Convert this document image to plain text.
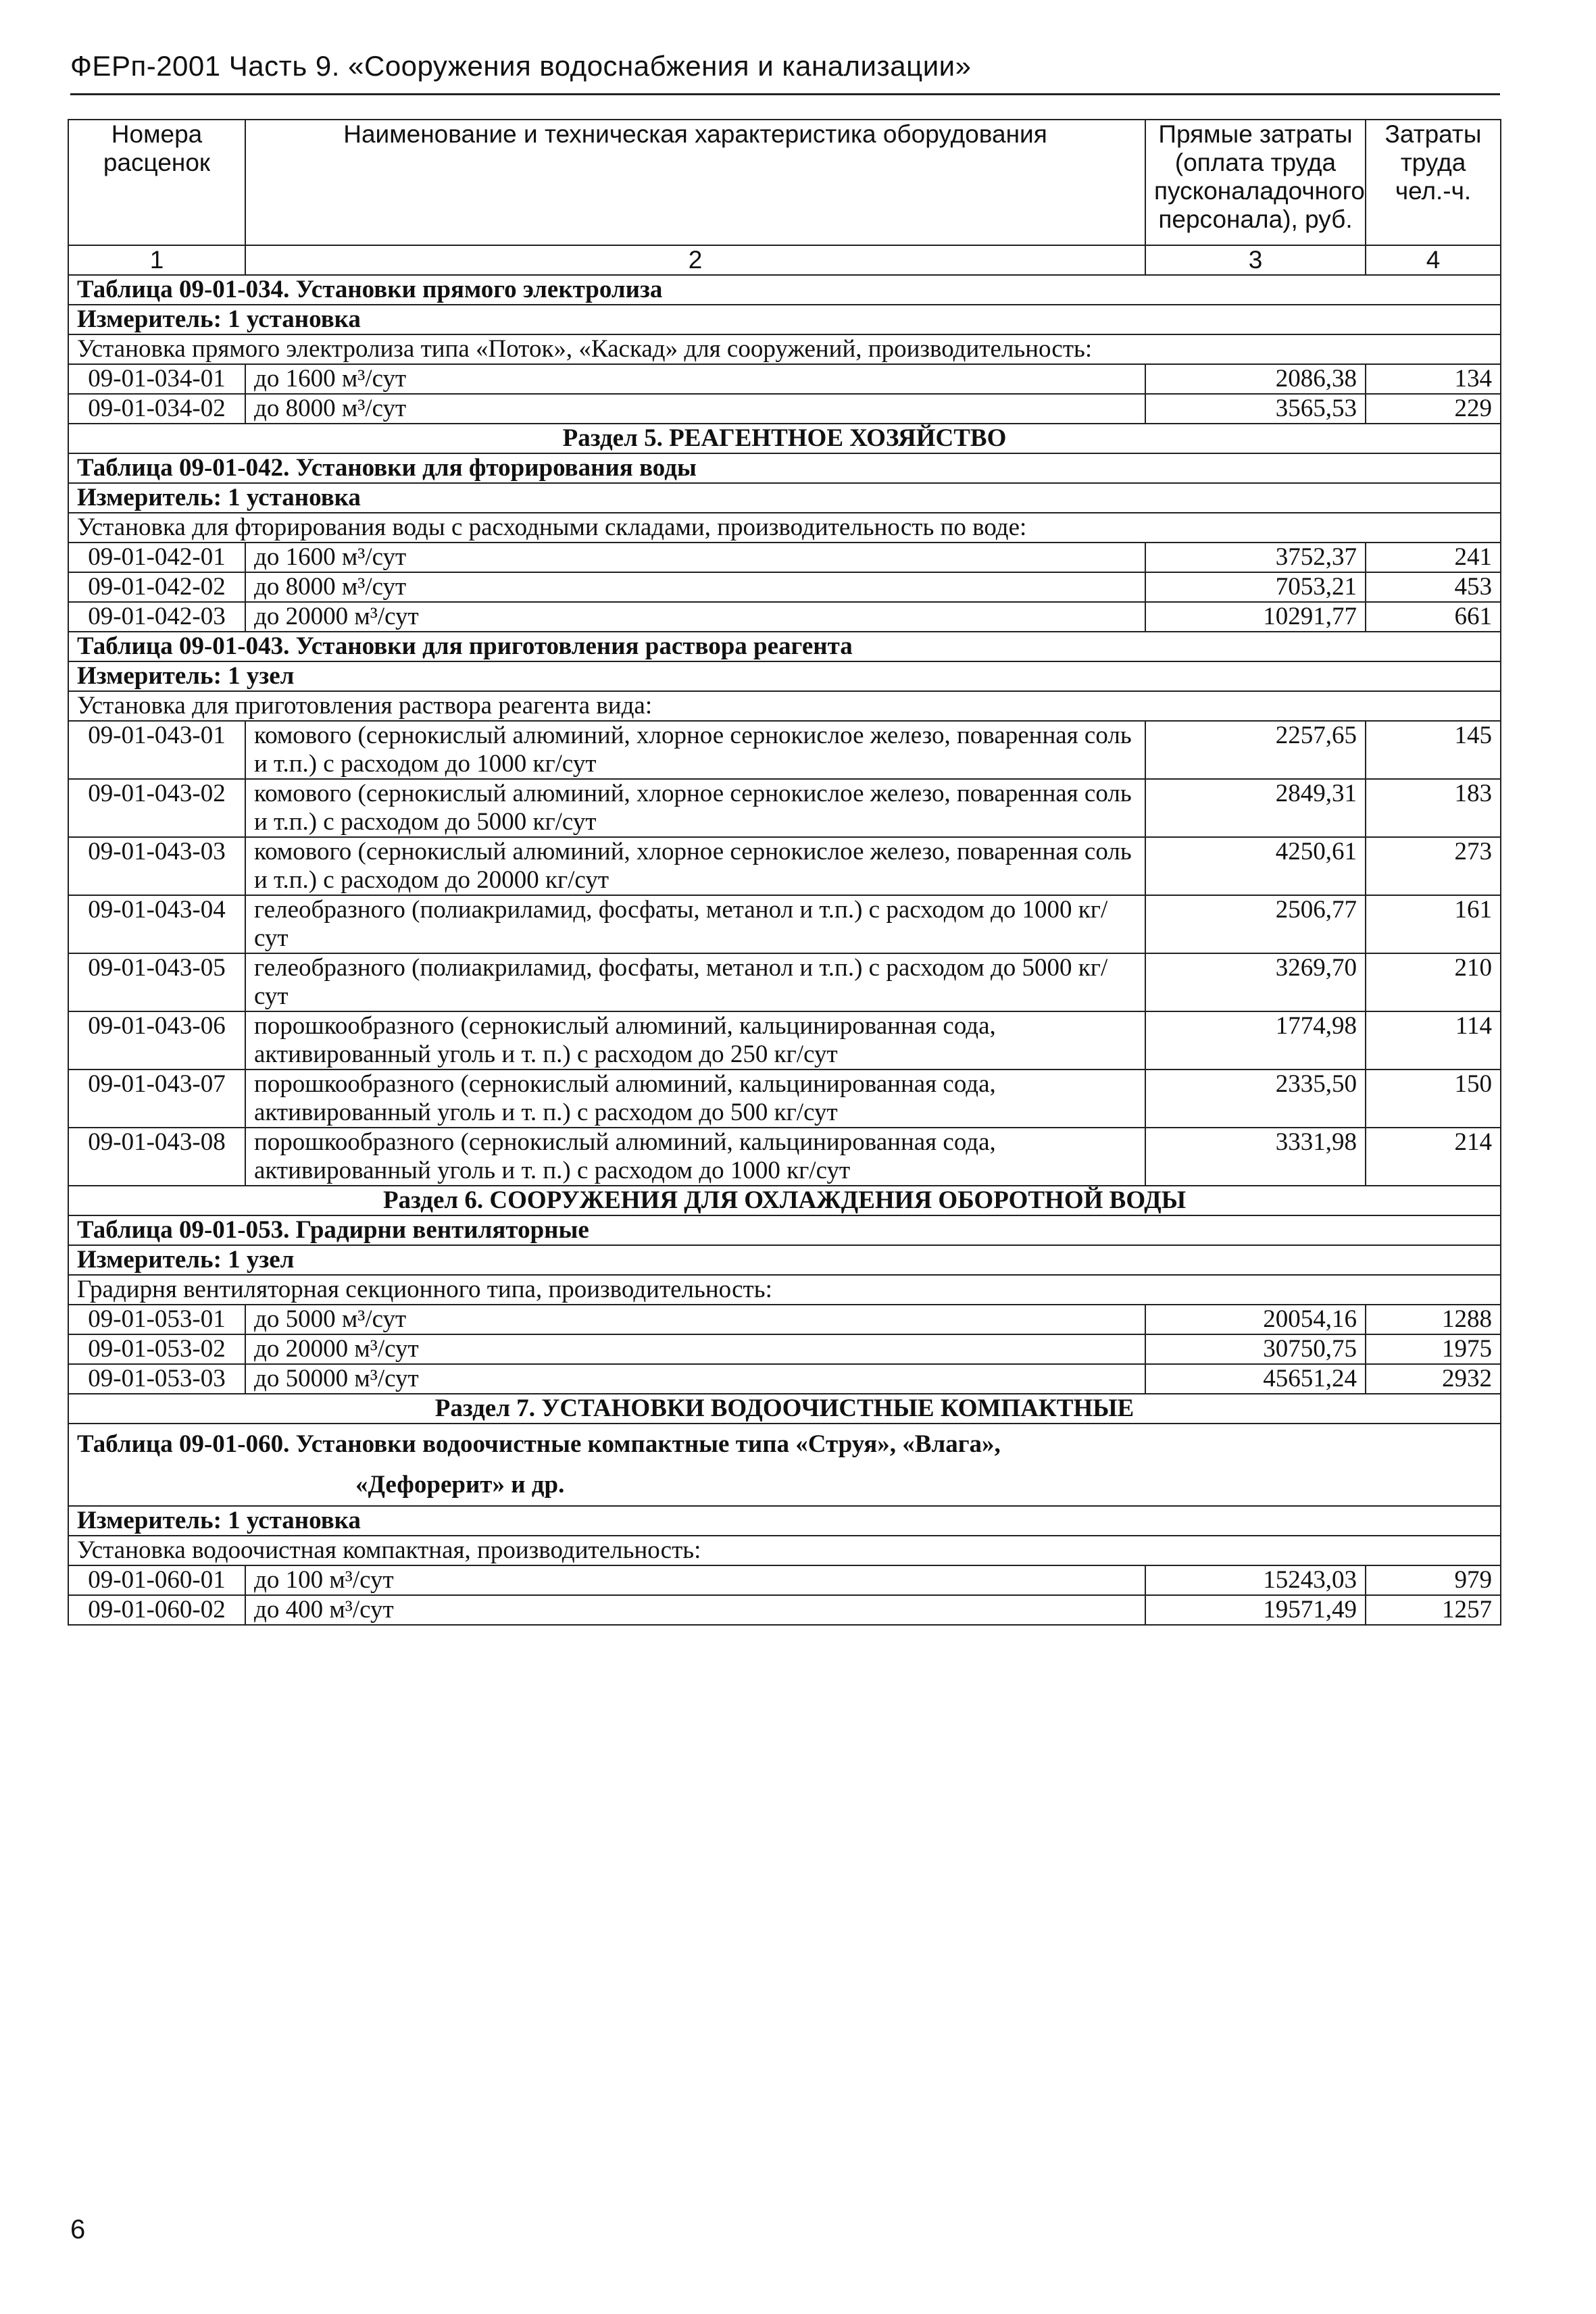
ФЕРп-2001 Часть 9. «Сооружения водоснабжения и канализации»
Номера расценок	Наименование и техническая характеристика оборудования	Прямые затраты (оплата труда пусконаладочного персонала), руб.	Затраты труда чел.-ч.
1	2	3	4
Таблица 09-01-034. Установки прямого электролиза			
Измеритель: 1 установка			
Установка прямого электролиза типа «Поток», «Каскад» для сооружений, производительность:			
09-01-034-01	до 1600 м³/сут	2086,38	134
09-01-034-02	до 8000 м³/сут	3565,53	229
Раздел 5. РЕАГЕНТНОЕ ХОЗЯЙСТВО			
Таблица 09-01-042. Установки для фторирования воды			
Измеритель: 1 установка			
Установка для фторирования воды с расходными складами, производительность по воде:			
09-01-042-01	до 1600 м³/сут	3752,37	241
09-01-042-02	до 8000 м³/сут	7053,21	453
09-01-042-03	до 20000 м³/сут	10291,77	661
Таблица 09-01-043. Установки для приготовления раствора реагента			
Измеритель: 1 узел			
Установка для приготовления раствора реагента вида:			
09-01-043-01	комового (сернокислый алюминий, хлорное сернокислое железо, поваренная соль и т.п.) с расходом до 1000 кг/сут	2257,65	145
09-01-043-02	комового (сернокислый алюминий, хлорное сернокислое железо, поваренная соль и т.п.) с расходом до 5000 кг/сут	2849,31	183
09-01-043-03	комового (сернокислый алюминий, хлорное сернокислое железо, поваренная соль и т.п.) с расходом до 20000 кг/сут	4250,61	273
09-01-043-04	гелеобразного (полиакриламид, фосфаты, метанол и т.п.) с расходом до 1000 кг/сут	2506,77	161
09-01-043-05	гелеобразного (полиакриламид, фосфаты, метанол и т.п.) с расходом до 5000 кг/сут	3269,70	210
09-01-043-06	порошкообразного (сернокислый алюминий, кальцинированная сода, активированный уголь и т. п.) с расходом до 250 кг/сут	1774,98	114
09-01-043-07	порошкообразного (сернокислый алюминий, кальцинированная сода, активированный уголь и т. п.) с расходом до 500 кг/сут	2335,50	150
09-01-043-08	порошкообразного (сернокислый алюминий, кальцинированная сода, активированный уголь и т. п.) с расходом до 1000 кг/сут	3331,98	214
Раздел 6. СООРУЖЕНИЯ ДЛЯ ОХЛАЖДЕНИЯ ОБОРОТНОЙ ВОДЫ			
Таблица 09-01-053. Градирни вентиляторные			
Измеритель: 1 узел			
Градирня вентиляторная секционного типа, производительность:			
09-01-053-01	до 5000 м³/сут	20054,16	1288
09-01-053-02	до 20000 м³/сут	30750,75	1975
09-01-053-03	до 50000 м³/сут	45651,24	2932
Раздел 7. УСТАНОВКИ ВОДООЧИСТНЫЕ КОМПАКТНЫЕ			

Таблица 09-01-060. Установки водоочистные компактные типа «Струя», «Влага»,
«Дефорерит» и др.			

Измеритель: 1 установка			
Установка водоочистная компактная, производительность:			
09-01-060-01	до 100 м³/сут	15243,03	979
09-01-060-02	до 400 м³/сут	19571,49	1257
6
